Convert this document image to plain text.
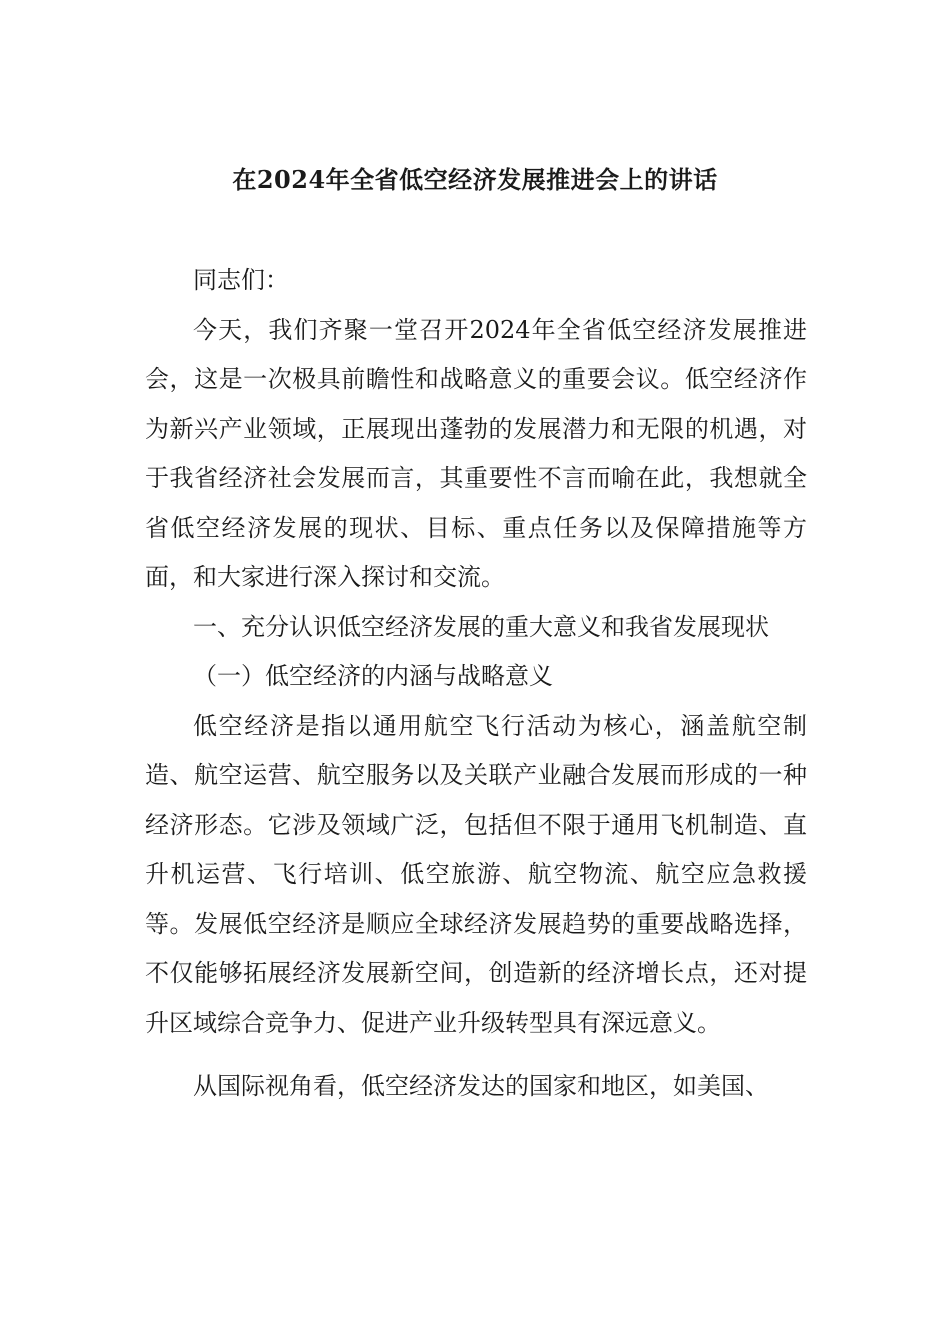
在2024年全省低空经济发展推进会上的讲话

同志们：

今天，我们齐聚一堂召开2024年全省低空经济发展推进会，这是一次极具前瞻性和战略意义的重要会议。低空经济作为新兴产业领域，正展现出蓬勃的发展潜力和无限的机遇，对于我省经济社会发展而言，其重要性不言而喻在此，我想就全省低空经济发展的现状、目标、重点任务以及保障措施等方面，和大家进行深入探讨和交流。

一、充分认识低空经济发展的重大意义和我省发展现状

（一）低空经济的内涵与战略意义

低空经济是指以通用航空飞行活动为核心，涵盖航空制造、航空运营、航空服务以及关联产业融合发展而形成的一种经济形态。它涉及领域广泛，包括但不限于通用飞机制造、直升机运营、飞行培训、低空旅游、航空物流、航空应急救援等。发展低空经济是顺应全球经济发展趋势的重要战略选择，不仅能够拓展经济发展新空间，创造新的经济增长点，还对提升区域综合竞争力、促进产业升级转型具有深远意义。

从国际视角看，低空经济发达的国家和地区，如美国、
